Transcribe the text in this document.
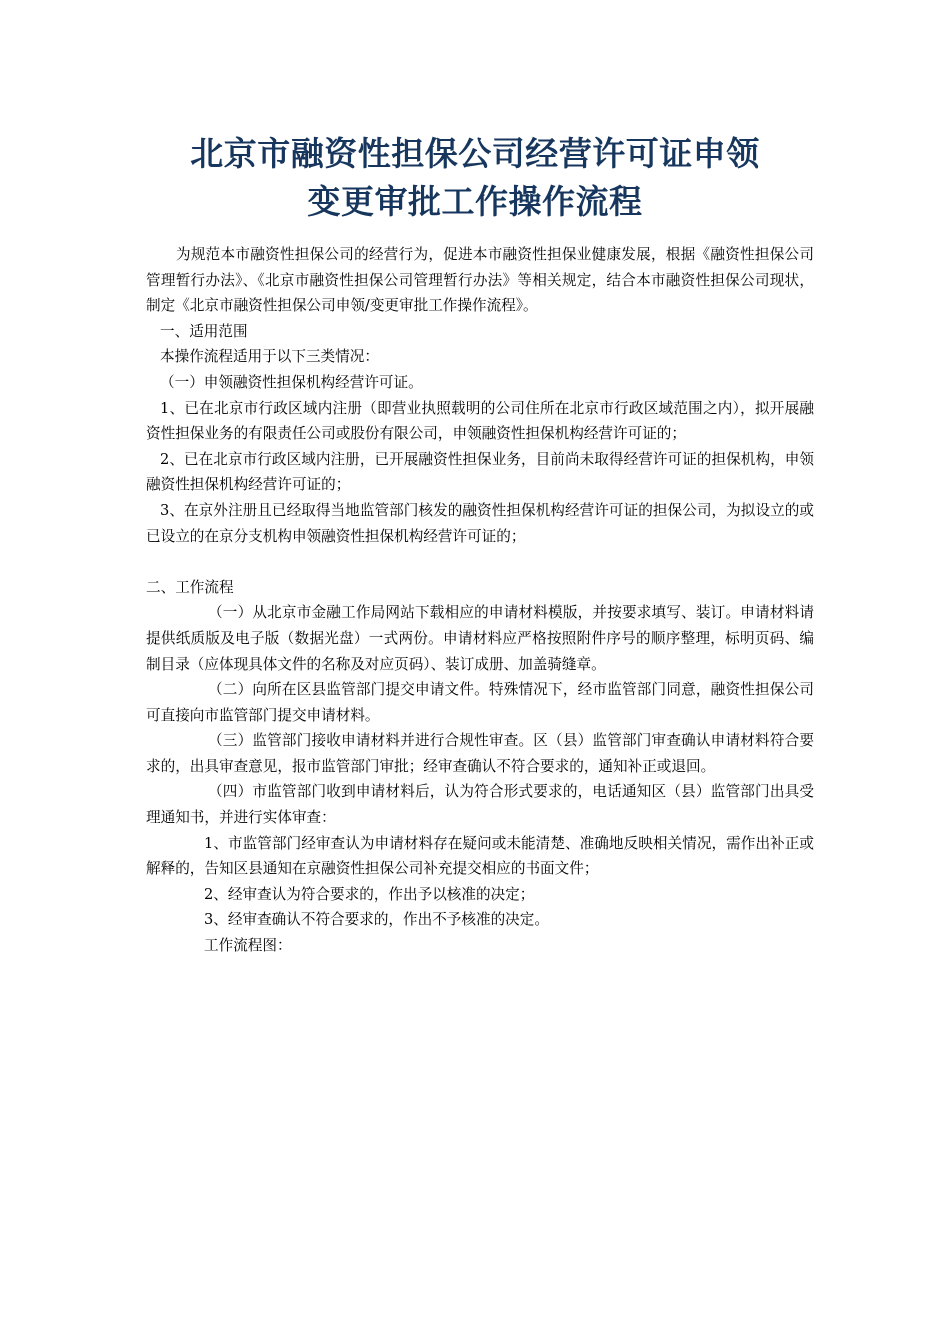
北京市融资性担保公司经营许可证申领
变更审批工作操作流程

为规范本市融资性担保公司的经营行为，促进本市融资性担保业健康发展，根据《融资性担保公司管理暂行办法》、《北京市融资性担保公司管理暂行办法》等相关规定，结合本市融资性担保公司现状，制定《北京市融资性担保公司申领/变更审批工作操作流程》。

一、适用范围

本操作流程适用于以下三类情况：

（一）申领融资性担保机构经营许可证。

1、已在北京市行政区域内注册（即营业执照载明的公司住所在北京市行政区域范围之内），拟开展融资性担保业务的有限责任公司或股份有限公司，申领融资性担保机构经营许可证的；

2、已在北京市行政区域内注册，已开展融资性担保业务，目前尚未取得经营许可证的担保机构，申领融资性担保机构经营许可证的；

3、在京外注册且已经取得当地监管部门核发的融资性担保机构经营许可证的担保公司，为拟设立的或已设立的在京分支机构申领融资性担保机构经营许可证的；

二、工作流程

（一）从北京市金融工作局网站下载相应的申请材料模版，并按要求填写、装订。申请材料请提供纸质版及电子版（数据光盘）一式两份。申请材料应严格按照附件序号的顺序整理，标明页码、编制目录（应体现具体文件的名称及对应页码）、装订成册、加盖骑缝章。

（二）向所在区县监管部门提交申请文件。特殊情况下，经市监管部门同意，融资性担保公司可直接向市监管部门提交申请材料。

（三）监管部门接收申请材料并进行合规性审查。区（县）监管部门审查确认申请材料符合要求的，出具审查意见，报市监管部门审批；经审查确认不符合要求的，通知补正或退回。

（四）市监管部门收到申请材料后，认为符合形式要求的，电话通知区（县）监管部门出具受理通知书，并进行实体审查：

1、市监管部门经审查认为申请材料存在疑问或未能清楚、准确地反映相关情况，需作出补正或解释的，告知区县通知在京融资性担保公司补充提交相应的书面文件；

2、经审查认为符合要求的，作出予以核准的决定；

3、经审查确认不符合要求的，作出不予核准的决定。

工作流程图：
